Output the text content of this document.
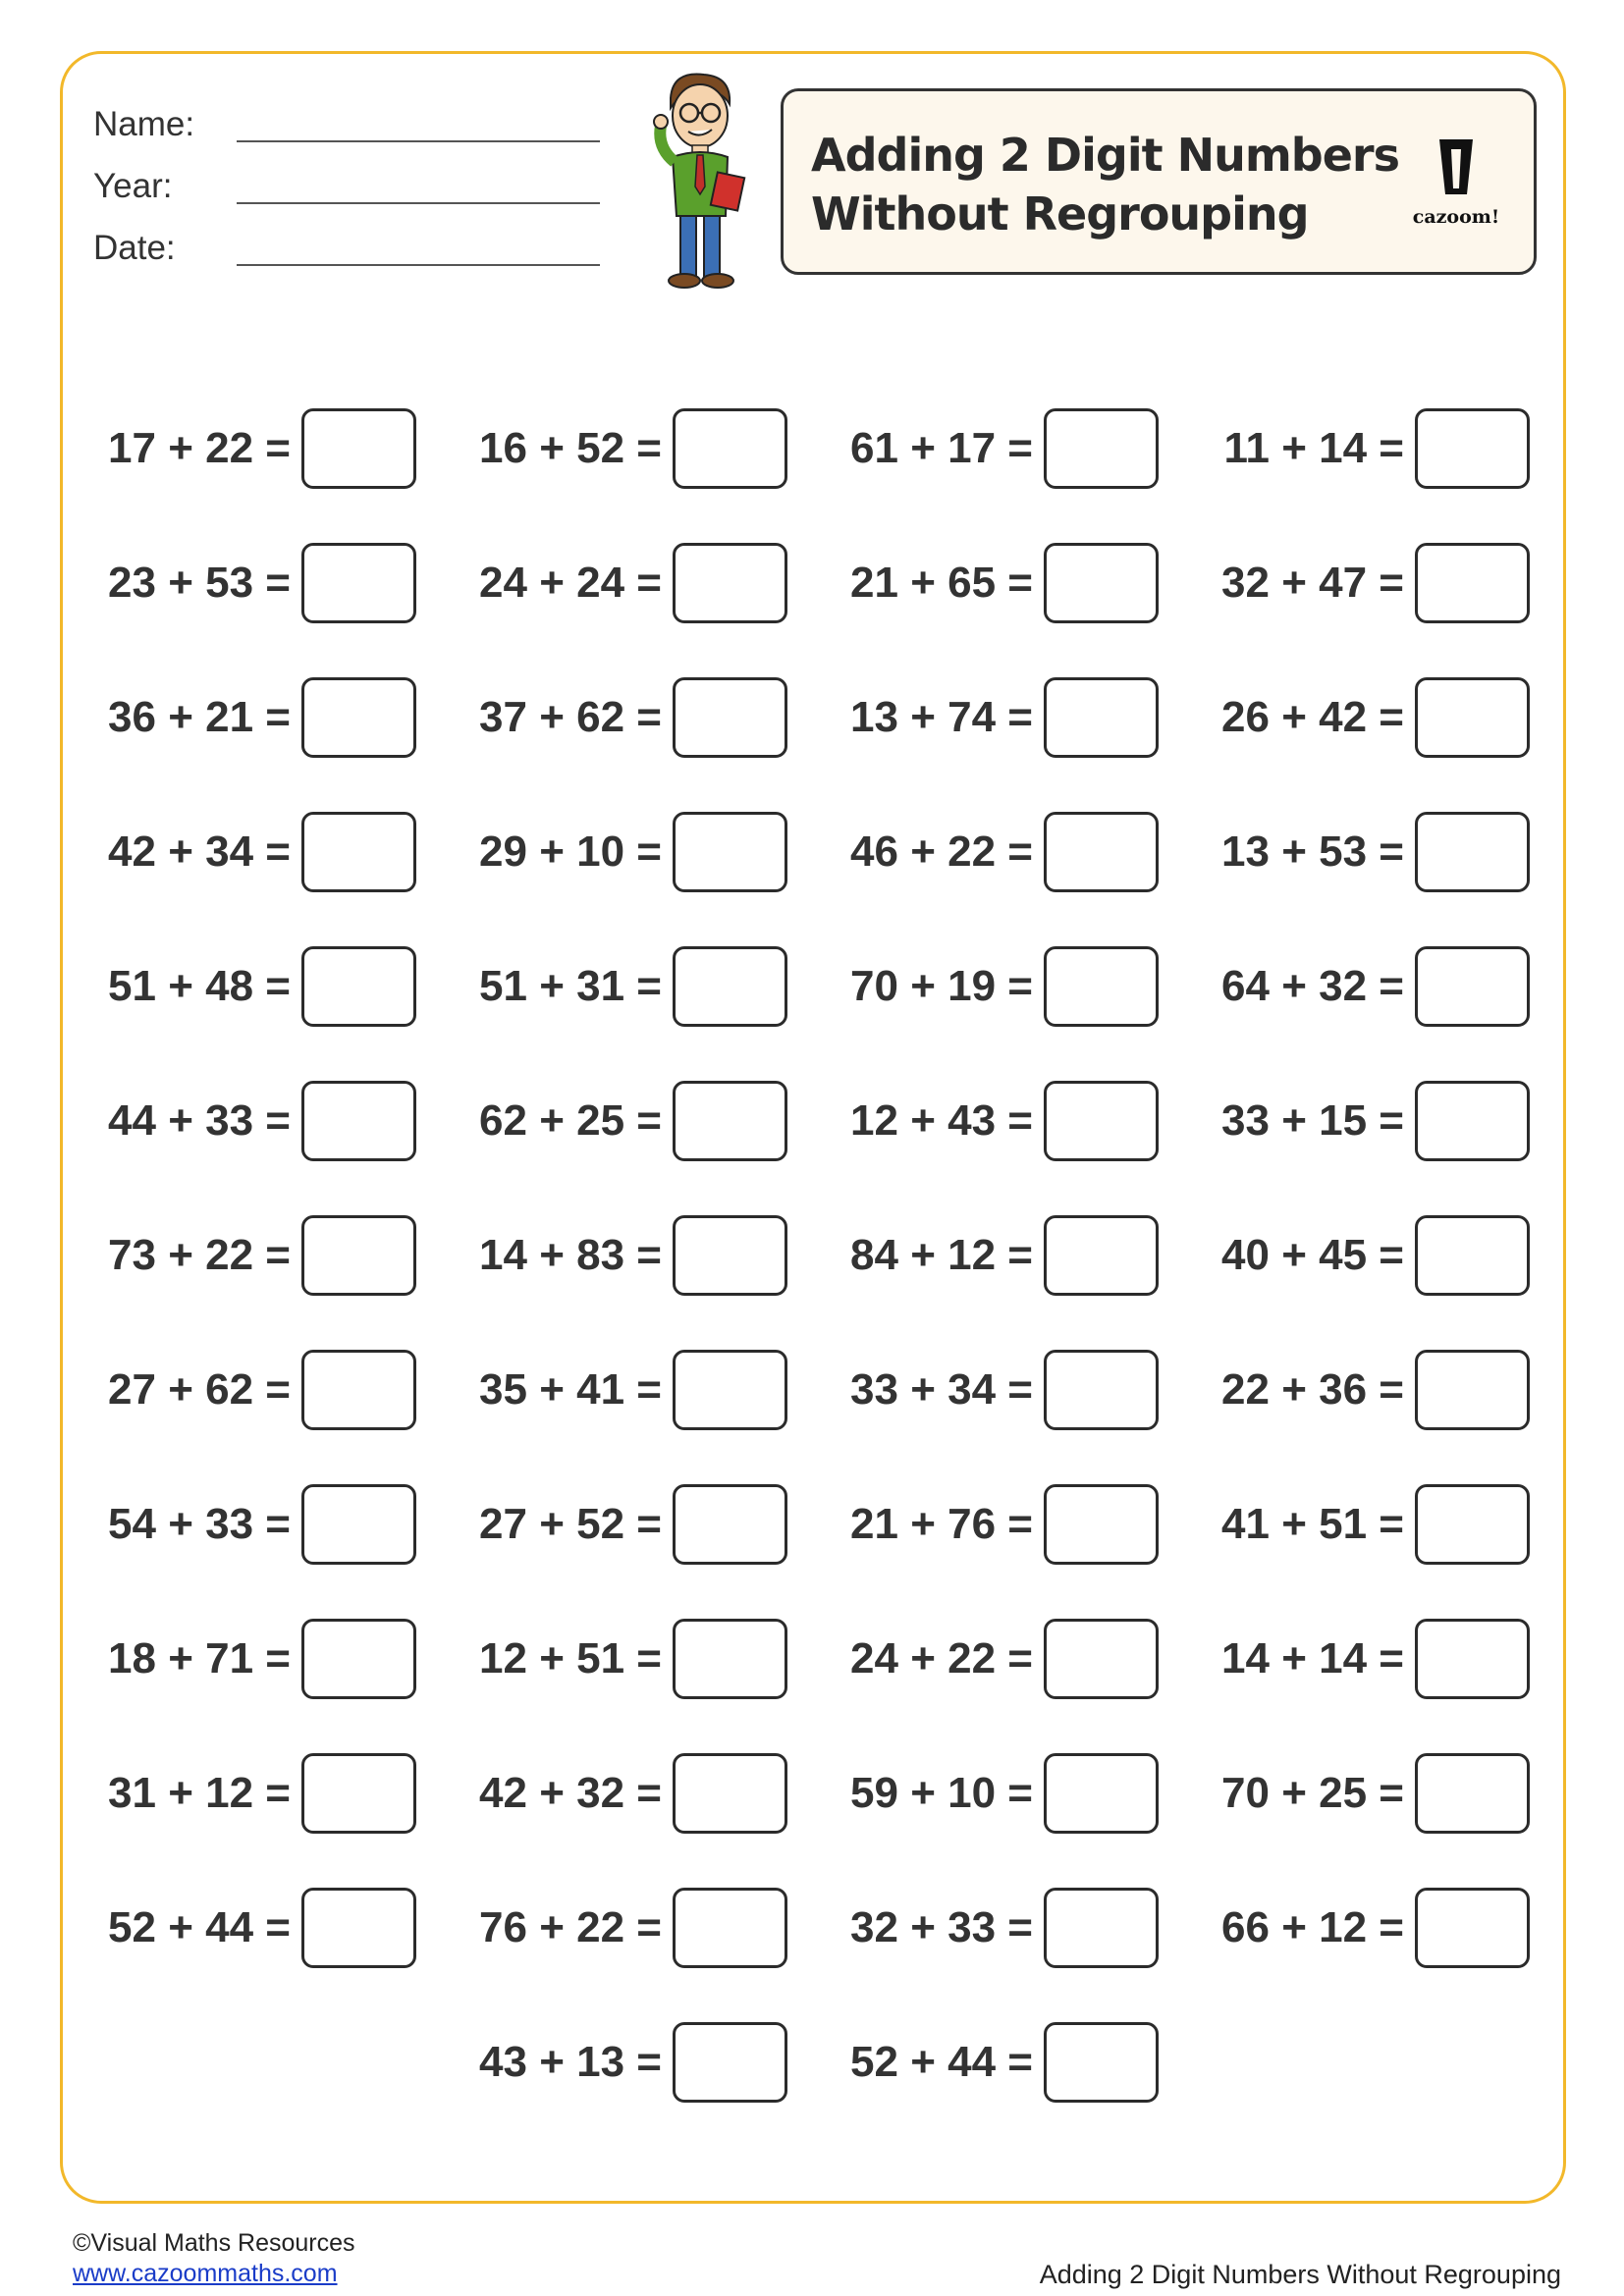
Name:
Year:
Date:
Adding 2 Digit Numbers
Without Regrouping	cazoom!
17 + 22 =	16 + 52 =	61 + 17 =	11 + 14 =
23 + 53 =	24 + 24 =	21 + 65 =	32 + 47 =
36 + 21 =	37 + 62 =	13 + 74 =	26 + 42 =
42 + 34 =	29 + 10 =	46 + 22 =	13 + 53 =
51 + 48 =	51 + 31 =	70 + 19 =	64 + 32 =
44 + 33 =	62 + 25 =	12 + 43 =	33 + 15 =
73 + 22 =	14 + 83 =	84 + 12 =	40 + 45 =
27 + 62 =	35 + 41 =	33 + 34 =	22 + 36 =
54 + 33 =	27 + 52 =	21 + 76 =	41 + 51 =
18 + 71 =	12 + 51 =	24 + 22 =	14 + 14 =
31 + 12 =	42 + 32 =	59 + 10 =	70 + 25 =
52 + 44 =	76 + 22 =	32 + 33 =	66 + 12 =
43 + 13 =	52 + 44 =
©Visual Maths Resources
www.cazoommaths.com	Adding 2 Digit Numbers Without Regrouping
